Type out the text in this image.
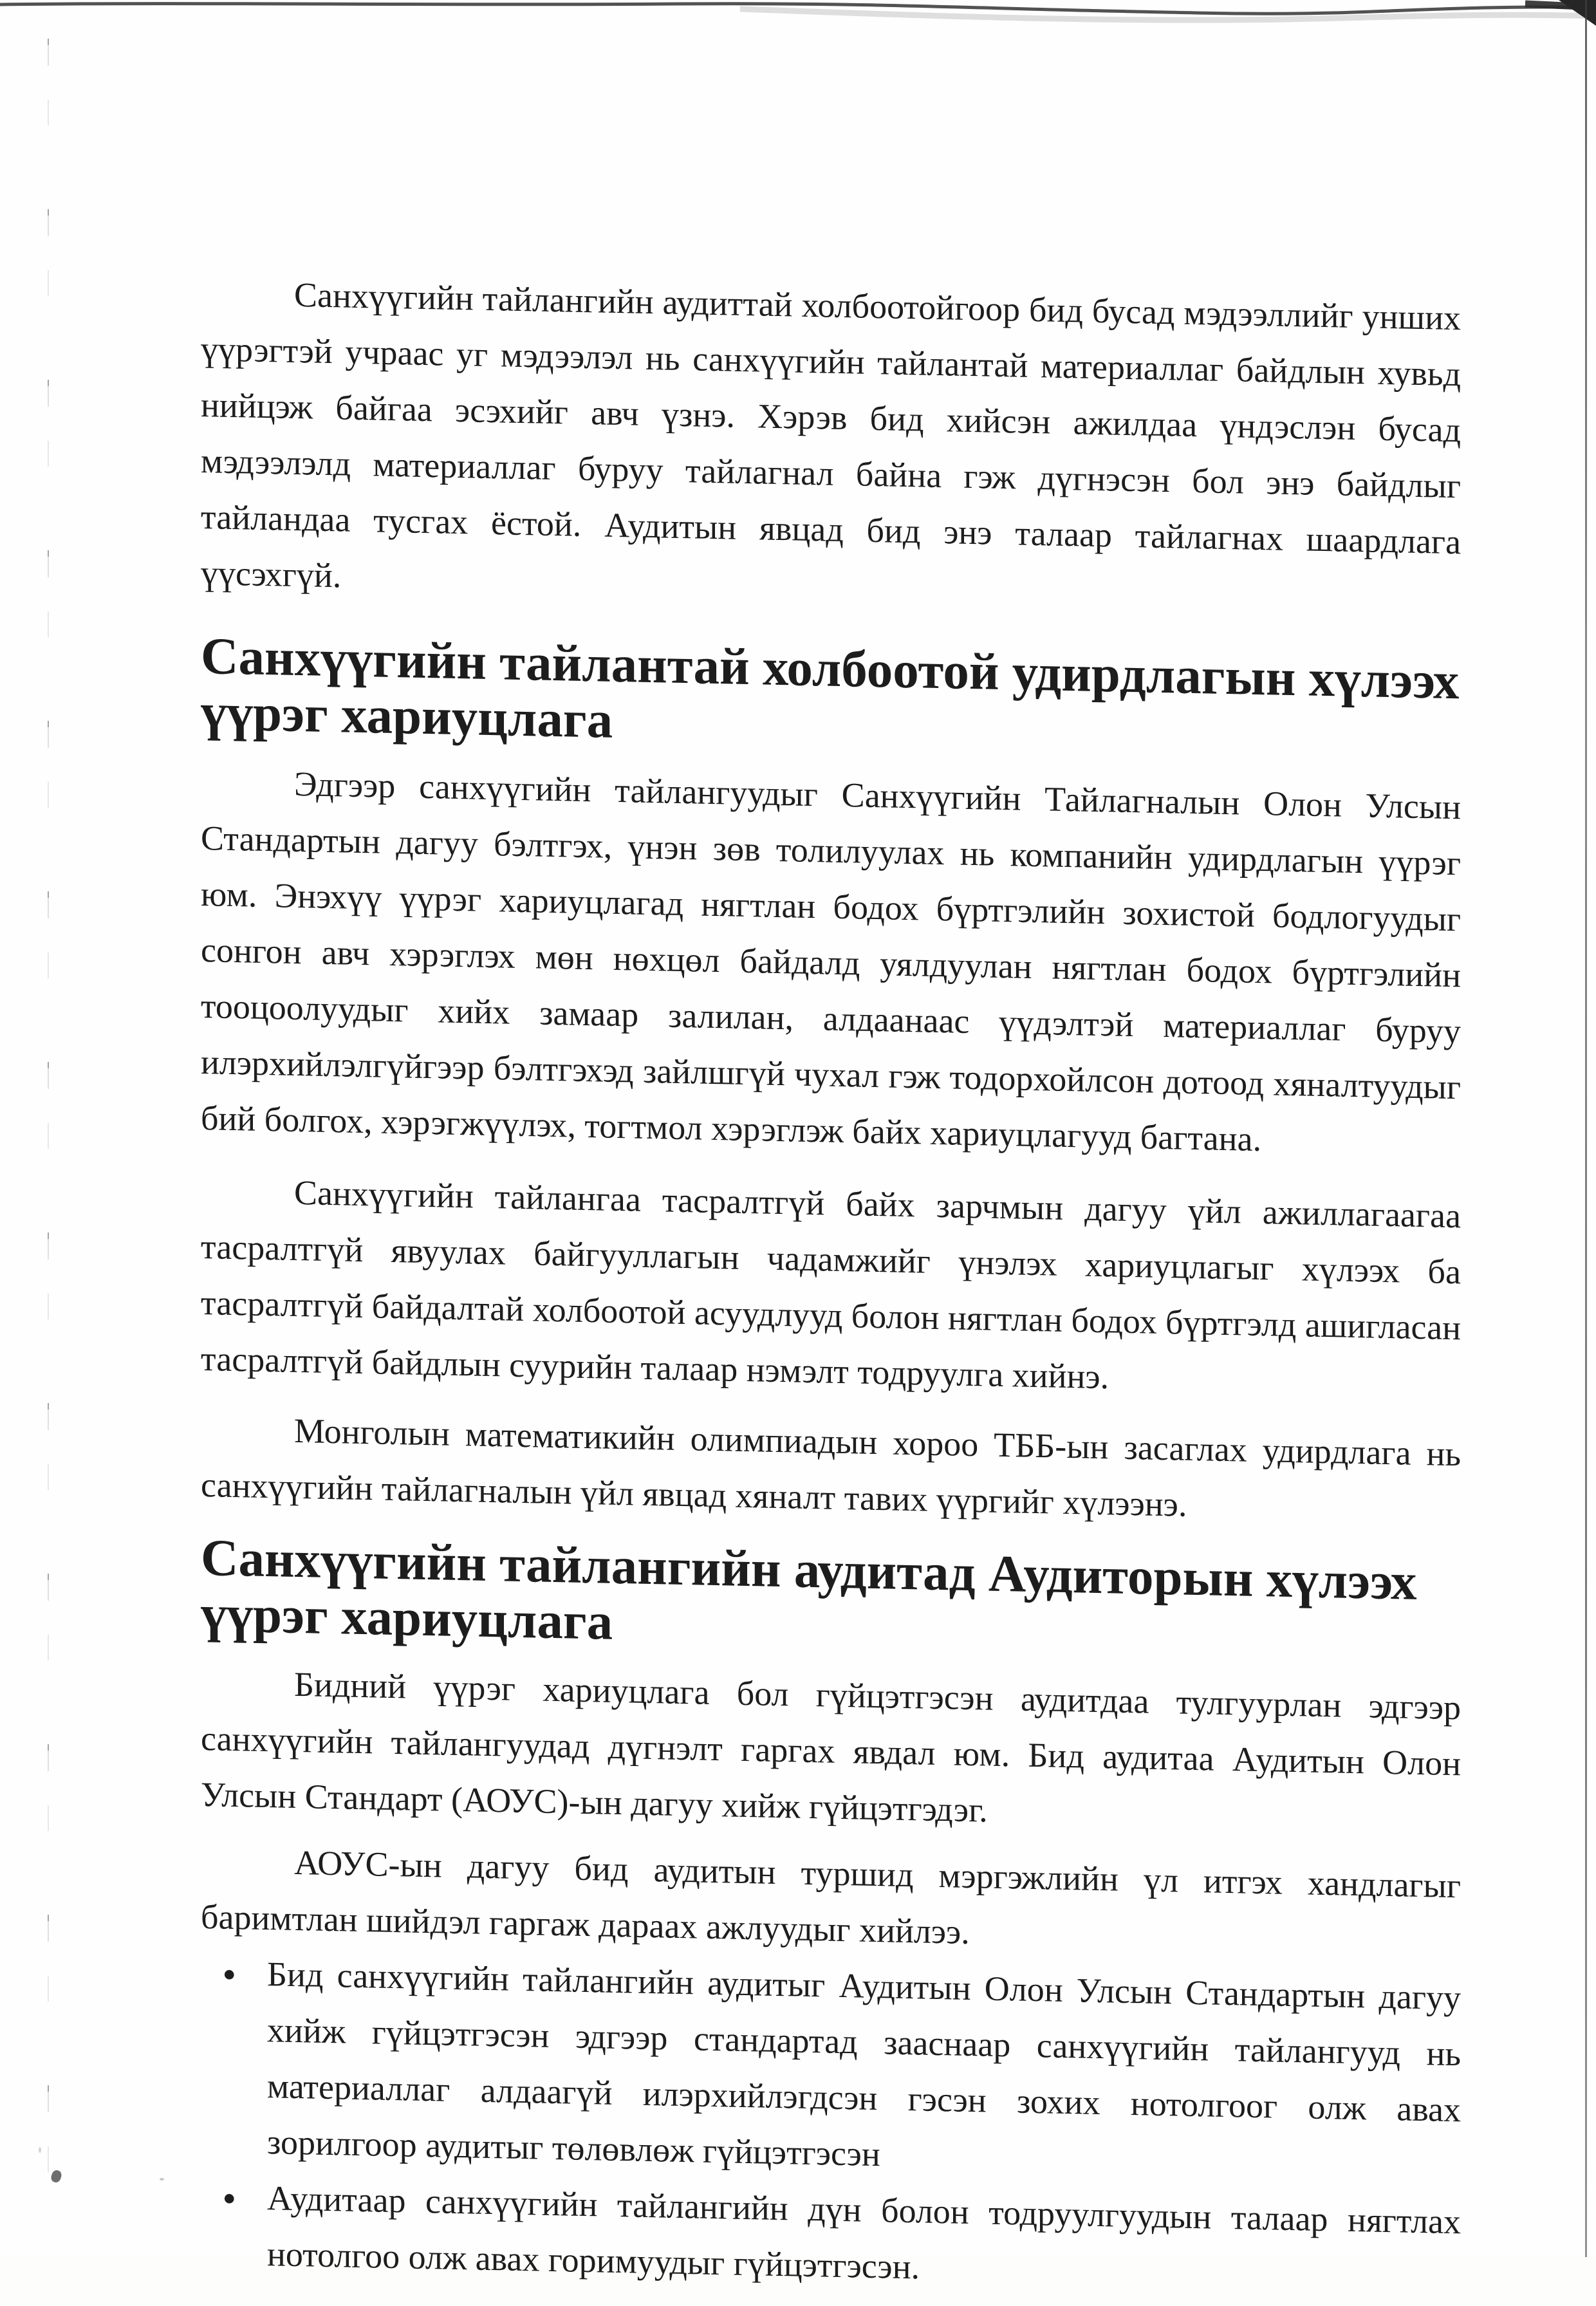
Санхүүгийн тайлангийн аудиттай холбоотойгоор бид бусад мэдээллийг унших үүрэгтэй учраас уг мэдээлэл нь санхүүгийн тайлантай материаллаг байдлын хувьд нийцэж байгаа эсэхийг авч үзнэ. Хэрэв бид хийсэн ажилдаа үндэслэн бусад мэдээлэлд материаллаг буруу тайлагнал байна гэж дүгнэсэн бол энэ байдлыг тайландаа тусгах ёстой. Аудитын явцад бид энэ талаар тайлагнах шаардлага үүсэхгүй.

Санхүүгийн тайлантай холбоотой удирдлагын хүлээх үүрэг хариуцлага

Эдгээр санхүүгийн тайлангуудыг Санхүүгийн Тайлагналын Олон Улсын Стандартын дагуу бэлтгэх, үнэн зөв толилуулах нь компанийн удирдлагын үүрэг юм. Энэхүү үүрэг хариуцлагад нягтлан бодох бүртгэлийн зохистой бодлогуудыг сонгон авч хэрэглэх мөн нөхцөл байдалд уялдуулан нягтлан бодох бүртгэлийн тооцоолуудыг хийх замаар залилан, алдаанаас үүдэлтэй материаллаг буруу илэрхийлэлгүйгээр бэлтгэхэд зайлшгүй чухал гэж тодорхойлсон дотоод хяналтуудыг бий болгох, хэрэгжүүлэх, тогтмол хэрэглэж байх хариуцлагууд багтана.

Санхүүгийн тайлангаа тасралтгүй байх зарчмын дагуу үйл ажиллагаагаа тасралтгүй явуулах байгууллагын чадамжийг үнэлэх хариуцлагыг хүлээх ба тасралтгүй байдалтай холбоотой асуудлууд болон нягтлан бодох бүртгэлд ашигласан тасралтгүй байдлын суурийн талаар нэмэлт тодруулга хийнэ.

Монголын математикийн олимпиадын хороо ТББ-ын засаглах удирдлага нь санхүүгийн тайлагналын үйл явцад хяналт тавих үүргийг хүлээнэ.

Санхүүгийн тайлангийн аудитад Аудиторын хүлээх үүрэг хариуцлага

Бидний үүрэг хариуцлага бол гүйцэтгэсэн аудитдаа тулгуурлан эдгээр санхүүгийн тайлангуудад дүгнэлт гаргах явдал юм. Бид аудитаа Аудитын Олон Улсын Стандарт (АОУС)-ын дагуу хийж гүйцэтгэдэг.

АОУС-ын дагуу бид аудитын туршид мэргэжлийн үл итгэх хандлагыг баримтлан шийдэл гаргаж дараах ажлуудыг хийлээ.

● Бид санхүүгийн тайлангийн аудитыг Аудитын Олон Улсын Стандартын дагуу хийж гүйцэтгэсэн эдгээр стандартад зааснаар санхүүгийн тайлангууд нь материаллаг алдаагүй илэрхийлэгдсэн гэсэн зохих нотолгоог олж авах зорилгоор аудитыг төлөвлөж гүйцэтгэсэн
● Аудитаар санхүүгийн тайлангийн дүн болон тодруулгуудын талаар нягтлах нотолгоо олж авах горимуудыг гүйцэтгэсэн.
